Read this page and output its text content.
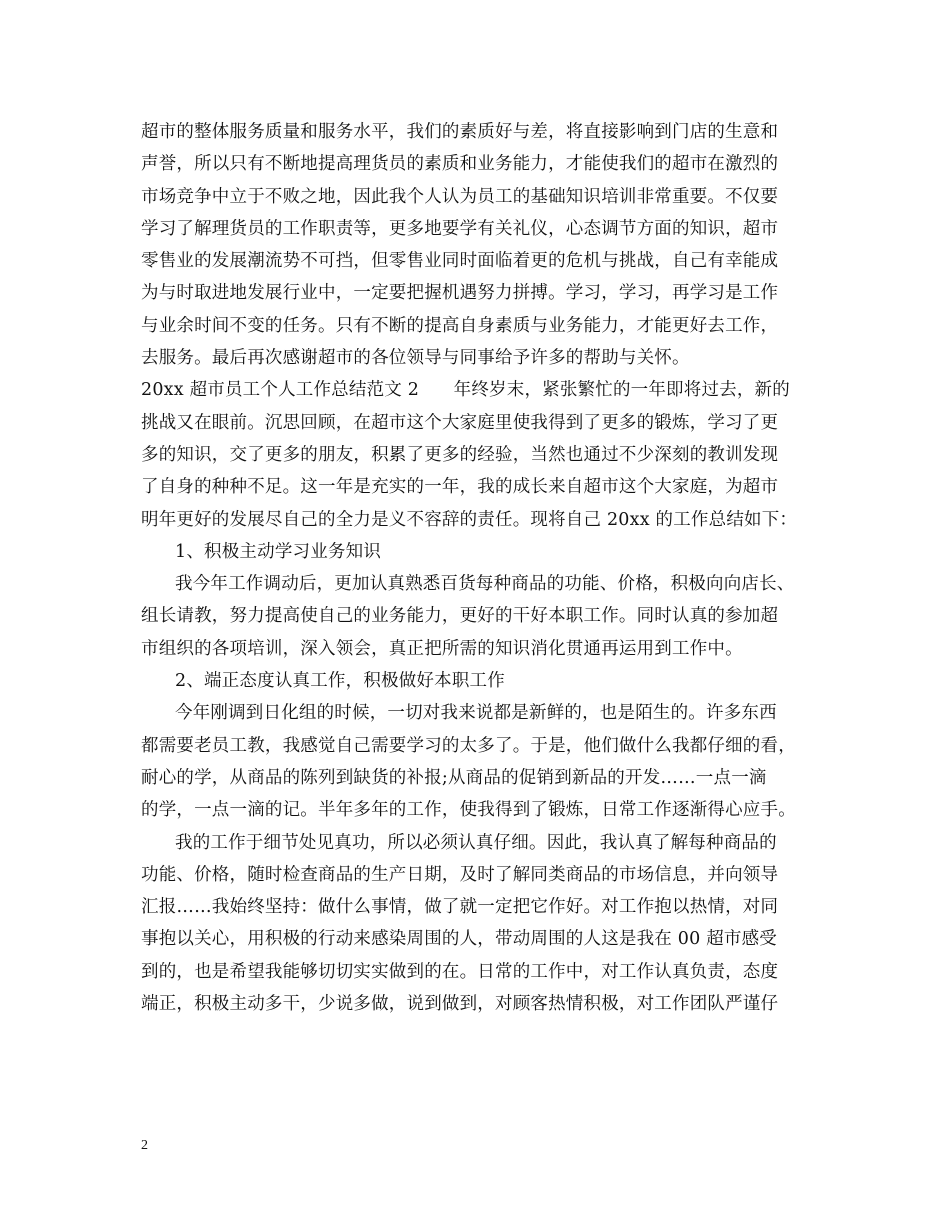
超市的整体服务质量和服务水平，我们的素质好与差，将直接影响到门店的生意和
声誉，所以只有不断地提高理货员的素质和业务能力，才能使我们的超市在激烈的
市场竞争中立于不败之地，因此我个人认为员工的基础知识培训非常重要。不仅要
学习了解理货员的工作职责等，更多地要学有关礼仪，心态调节方面的知识，超市
零售业的发展潮流势不可挡，但零售业同时面临着更的危机与挑战，自己有幸能成
为与时取进地发展行业中，一定要把握机遇努力拼搏。学习，学习，再学习是工作
与业余时间不变的任务。只有不断的提高自身素质与业务能力，才能更好去工作，
去服务。最后再次感谢超市的各位领导与同事给予许多的帮助与关怀。
20xx 超市员工个人工作总结范文 2      年终岁末，紧张繁忙的一年即将过去，新的
挑战又在眼前。沉思回顾，在超市这个大家庭里使我得到了更多的锻炼，学习了更
多的知识，交了更多的朋友，积累了更多的经验，当然也通过不少深刻的教训发现
了自身的种种不足。这一年是充实的一年，我的成长来自超市这个大家庭，为超市
明年更好的发展尽自己的全力是义不容辞的责任。现将自己 20xx 的工作总结如下：
1、积极主动学习业务知识
我今年工作调动后，更加认真熟悉百货每种商品的功能、价格，积极向向店长、
组长请教，努力提高使自己的业务能力，更好的干好本职工作。同时认真的参加超
市组织的各项培训，深入领会，真正把所需的知识消化贯通再运用到工作中。
2、端正态度认真工作，积极做好本职工作
今年刚调到日化组的时候，一切对我来说都是新鲜的，也是陌生的。许多东西
都需要老员工教，我感觉自己需要学习的太多了。于是，他们做什么我都仔细的看，
耐心的学，从商品的陈列到缺货的补报;从商品的促销到新品的开发……一点一滴
的学，一点一滴的记。半年多年的工作，使我得到了锻炼，日常工作逐渐得心应手。
我的工作于细节处见真功，所以必须认真仔细。因此，我认真了解每种商品的
功能、价格，随时检查商品的生产日期，及时了解同类商品的市场信息，并向领导
汇报……我始终坚持：做什么事情，做了就一定把它作好。对工作抱以热情，对同
事抱以关心，用积极的行动来感染周围的人，带动周围的人这是我在 00 超市感受
到的，也是希望我能够切切实实做到的在。日常的工作中，对工作认真负责，态度
端正，积极主动多干，少说多做，说到做到，对顾客热情积极，对工作团队严谨仔
2
